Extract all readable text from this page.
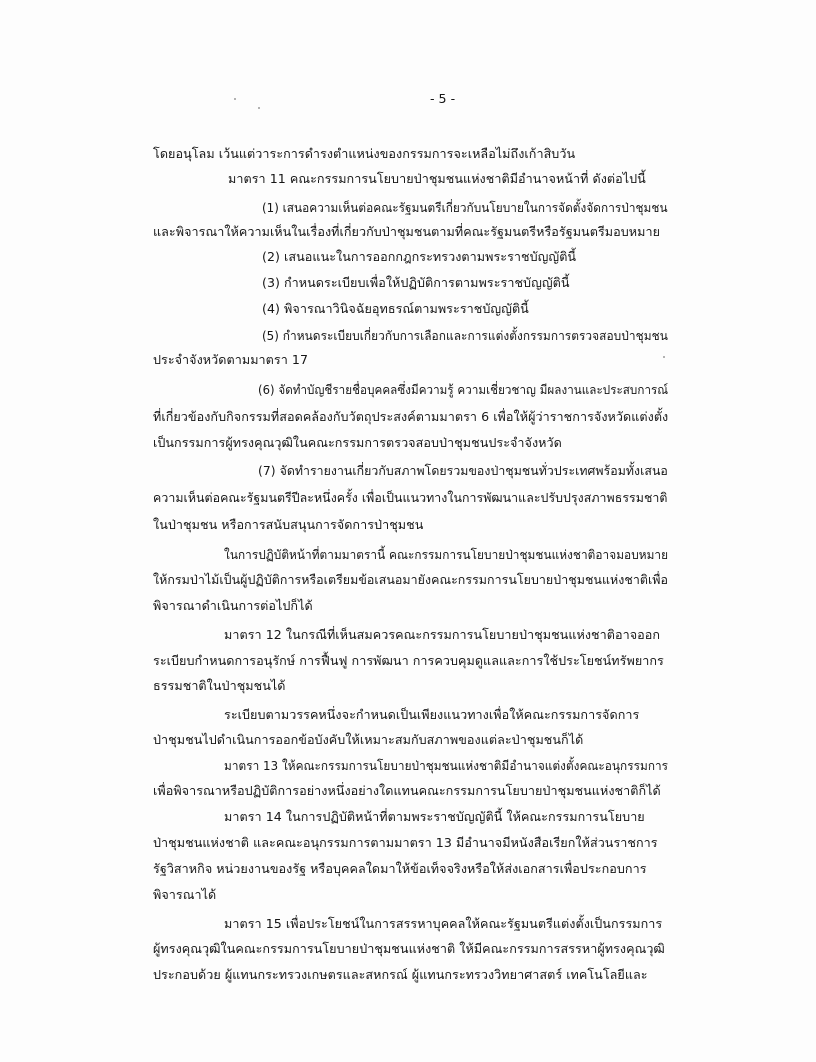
- 5 -
โดยอนุโลม เว้นแต่วาระการดำรงตำแหน่งของกรรมการจะเหลือไม่ถึงเก้าสิบวัน
มาตรา 11 คณะกรรมการนโยบายป่าชุมชนแห่งชาติมีอำนาจหน้าที่ ดังต่อไปนี้
(1) เสนอความเห็นต่อคณะรัฐมนตรีเกี่ยวกับนโยบายในการจัดตั้งจัดการป่าชุมชน
และพิจารณาให้ความเห็นในเรื่องที่เกี่ยวกับป่าชุมชนตามที่คณะรัฐมนตรีหรือรัฐมนตรีมอบหมาย
(2) เสนอแนะในการออกกฎกระทรวงตามพระราชบัญญัตินี้
(3) กำหนดระเบียบเพื่อให้ปฏิบัติการตามพระราชบัญญัตินี้
(4) พิจารณาวินิจฉัยอุทธรณ์ตามพระราชบัญญัตินี้
(5) กำหนดระเบียบเกี่ยวกับการเลือกและการแต่งตั้งกรรมการตรวจสอบป่าชุมชน
ประจำจังหวัดตามมาตรา 17
(6) จัดทำบัญชีรายชื่อบุคคลซึ่งมีความรู้ ความเชี่ยวชาญ มีผลงานและประสบการณ์
ที่เกี่ยวข้องกับกิจกรรมที่สอดคล้องกับวัตถุประสงค์ตามมาตรา 6 เพื่อให้ผู้ว่าราชการจังหวัดแต่งตั้ง
เป็นกรรมการผู้ทรงคุณวุฒิในคณะกรรมการตรวจสอบป่าชุมชนประจำจังหวัด
(7) จัดทำรายงานเกี่ยวกับสภาพโดยรวมของป่าชุมชนทั่วประเทศพร้อมทั้งเสนอ
ความเห็นต่อคณะรัฐมนตรีปีละหนึ่งครั้ง เพื่อเป็นแนวทางในการพัฒนาและปรับปรุงสภาพธรรมชาติ
ในป่าชุมชน หรือการสนับสนุนการจัดการป่าชุมชน
ในการปฏิบัติหน้าที่ตามมาตรานี้ คณะกรรมการนโยบายป่าชุมชนแห่งชาติอาจมอบหมาย
ให้กรมป่าไม้เป็นผู้ปฏิบัติการหรือเตรียมข้อเสนอมายังคณะกรรมการนโยบายป่าชุมชนแห่งชาติเพื่อ
พิจารณาดำเนินการต่อไปก็ได้
มาตรา 12 ในกรณีที่เห็นสมควรคณะกรรมการนโยบายป่าชุมชนแห่งชาติอาจออก
ระเบียบกำหนดการอนุรักษ์ การฟื้นฟู การพัฒนา การควบคุมดูแลและการใช้ประโยชน์ทรัพยากร
ธรรมชาติในป่าชุมชนได้
ระเบียบตามวรรคหนึ่งจะกำหนดเป็นเพียงแนวทางเพื่อให้คณะกรรมการจัดการ
ป่าชุมชนไปดำเนินการออกข้อบังคับให้เหมาะสมกับสภาพของแต่ละป่าชุมชนก็ได้
มาตรา 13 ให้คณะกรรมการนโยบายป่าชุมชนแห่งชาติมีอำนาจแต่งตั้งคณะอนุกรรมการ
เพื่อพิจารณาหรือปฏิบัติการอย่างหนึ่งอย่างใดแทนคณะกรรมการนโยบายป่าชุมชนแห่งชาติก็ได้
มาตรา 14 ในการปฏิบัติหน้าที่ตามพระราชบัญญัตินี้ ให้คณะกรรมการนโยบาย
ป่าชุมชนแห่งชาติ และคณะอนุกรรมการตามมาตรา 13 มีอำนาจมีหนังสือเรียกให้ส่วนราชการ
รัฐวิสาหกิจ หน่วยงานของรัฐ หรือบุคคลใดมาให้ข้อเท็จจริงหรือให้ส่งเอกสารเพื่อประกอบการ
พิจารณาได้
มาตรา 15 เพื่อประโยชน์ในการสรรหาบุคคลให้คณะรัฐมนตรีแต่งตั้งเป็นกรรมการ
ผู้ทรงคุณวุฒิในคณะกรรมการนโยบายป่าชุมชนแห่งชาติ ให้มีคณะกรรมการสรรหาผู้ทรงคุณวุฒิ
ประกอบด้วย ผู้แทนกระทรวงเกษตรและสหกรณ์ ผู้แทนกระทรวงวิทยาศาสตร์ เทคโนโลยีและ
